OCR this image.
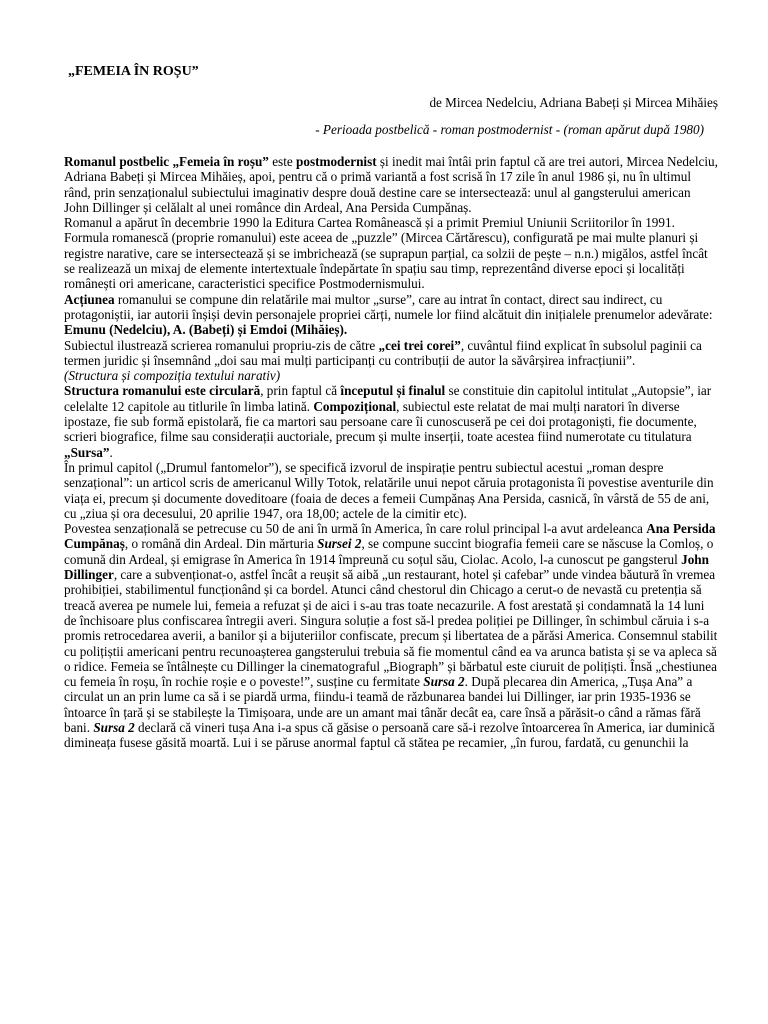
„FEMEIA ÎN ROȘU”
de Mircea Nedelciu, Adriana Babeți și Mircea Mihăieș
- Perioada postbelică - roman postmodernist - (roman apărut după 1980)

Romanul postbelic „Femeia în roșu” este postmodernist și inedit mai întâi prin faptul că are trei autori, Mircea Nedelciu, Adriana Babeți și Mircea Mihăieș, apoi, pentru că o primă variantă a fost scrisă în 17 zile în anul 1986 și, nu în ultimul rând, prin senzaționalul subiectului imaginativ despre două destine care se intersectează: unul al gangsterului american John Dillinger și celălalt al unei românce din Ardeal, Ana Persida Cumpănaș.

Romanul a apărut în decembrie 1990 la Editura Cartea Românească și a primit Premiul Uniunii Scriitorilor în 1991.

Formula romanescă (proprie romanului) este aceea de „puzzle” (Mircea Cărtărescu), configurată pe mai multe planuri și registre narative, care se intersectează și se imbrichează (se suprapun parțial, ca solzii de pește – n.n.) migălos, astfel încât se realizează un mixaj de elemente intertextuale îndepărtate în spațiu sau timp, reprezentând diverse epoci și localități românești ori americane, caracteristici specifice Postmodernismului.

Acțiunea romanului se compune din relatările mai multor „surse”, care au intrat în contact, direct sau indirect, cu protagoniștii, iar autorii înșiși devin personajele propriei cărți, numele lor fiind alcătuit din inițialele prenumelor adevărate: Emunu (Nedelciu), A. (Babeți) și Emdoi (Mihăieș).

Subiectul ilustrează scrierea romanului propriu-zis de către „cei trei corei”, cuvântul fiind explicat în subsolul paginii ca termen juridic și însemnând „doi sau mai mulți participanți cu contribuții de autor la săvârșirea infracțiunii”.

(Structura și compoziția textului narativ)

Structura romanului este circulară, prin faptul că începutul și finalul se constituie din capitolul intitulat „Autopsie”, iar celelalte 12 capitole au titlurile în limba latină. Compozițional, subiectul este relatat de mai mulți naratori în diverse ipostaze, fie sub formă epistolară, fie ca martori sau persoane care îi cunoscuseră pe cei doi protagoniști, fie documente, scrieri biografice, filme sau considerații auctoriale, precum și multe inserții, toate acestea fiind numerotate cu titulatura „Sursa”.

În primul capitol („Drumul fantomelor”), se specifică izvorul de inspirație pentru subiectul acestui „roman despre senzațional”: un articol scris de americanul Willy Totok, relatările unui nepot căruia protagonista îi povestise aventurile din viața ei, precum și documente doveditoare (foaia de deces a femeii Cumpănaș Ana Persida, casnică, în vârstă de 55 de ani, cu „ziua și ora decesului, 20 aprilie 1947, ora 18,00; actele de la cimitir etc).

Povestea senzațională se petrecuse cu 50 de ani în urmă în America, în care rolul principal l-a avut ardeleanca Ana Persida Cumpănaș, o română din Ardeal. Din mărturia Sursei 2, se compune succint biografia femeii care se născuse la Comloș, o comună din Ardeal, și emigrase în America în 1914 împreună cu soțul său, Ciolac. Acolo, l-a cunoscut pe gangsterul John Dillinger, care a subvenționat-o, astfel încât a reușit să aibă „un restaurant, hotel și cafebar” unde vindea băutură în vremea prohibiției, stabilimentul funcționând și ca bordel. Atunci când chestorul din Chicago a cerut-o de nevastă cu pretenția să treacă averea pe numele lui, femeia a refuzat și de aici i s-au tras toate necazurile. A fost arestată și condamnată la 14 luni de închisoare plus confiscarea întregii averi. Singura soluție a fost să-l predea poliției pe Dillinger, în schimbul căruia i s-a promis retrocedarea averii, a banilor și a bijuteriilor confiscate, precum și libertatea de a părăsi America. Consemnul stabilit cu polițiștii americani pentru recunoașterea gangsterului trebuia să fie momentul când ea va arunca batista și se va apleca să o ridice. Femeia se întâlnește cu Dillinger la cinematograful „Biograph” și bărbatul este ciuruit de polițiști. Însă „chestiunea cu femeia în roșu, în rochie roșie e o poveste!”, susține cu fermitate Sursa 2. După plecarea din America, „Tușa Ana” a circulat un an prin lume ca să i se piardă urma, fiindu-i teamă de răzbunarea bandei lui Dillinger, iar prin 1935-1936 se întoarce în țară și se stabilește la Timișoara, unde are un amant mai tânăr decât ea, care însă a părăsit-o când a rămas fără bani. Sursa 2 declară că vineri tușa Ana i-a spus că găsise o persoană care să-i rezolve întoarcerea în America, iar duminică dimineața fusese găsită moartă. Lui i se păruse anormal faptul că stătea pe recamier, „în furou, fardată, cu genunchii la
